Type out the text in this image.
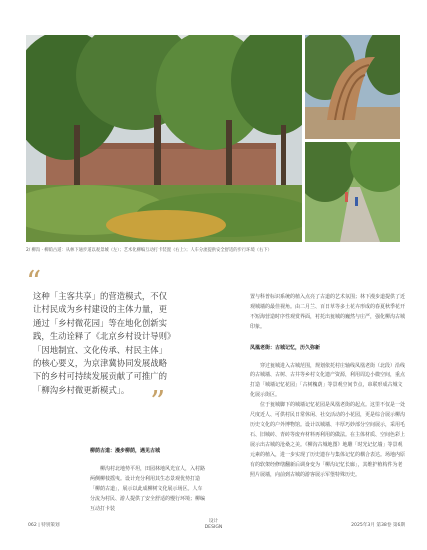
2/ 柳沟 · 柳荫古道：从林下通步道以观景城（左）；艺术化柳编互动打卡装置（右上）；人车分流提供安全舒适的步行环境（右下）
“
这种「主客共享」的营造模式，不仅让村民成为乡村建设的主体力量，更通过「乡村微花园」等在地化创新实践，生动诠释了《北京乡村设计导则》「因地制宜、文化传承、村民主体」的核心要义，为京津冀协同发展战略下的乡村可持续发展贡献了可推广的「柳沟乡村微更新模式」。 ”
柳荫古道：漫步柳荫，遇见古城

柳沟村北地势平坦，田园林地风光宜人，入村路两侧柳枝摇曳。设计充分利用其生态景观优势打造「柳荫古道」，展示以此成柳树文化展示场区。人车分流为村民、游人提供了安全舒适的慢行环境；柳编互动打卡装

置与科普标识系统的植入点亮了古道的艺术氛围；林下漫步道提供了近观城墙的最佳视角。由二月兰、百日草等多土花卉形成的春夏秋季花开不短海营造时序性观赏界面，衬托出瓮城的巍然与庄严，强化柳沟古城印象。

凤凰老街：古城记忆，历久弥新

穿过瓮城进入古城范围，规划依托村庄轴线凤凰老街（北段）沿线的古城墙、古树、古井等乡村文化遗产资源，利用周边小微空间，重点打造「城墙记忆花园」「古树槐荫」等景观空间节点，串联形成古城文化展示街区。

位于瓮城脚下的城墙记忆花园是凤凰老街的起点。这里不仅是一处尺度近人、可供村民日常休闲、社交活动的小花园，更是综合展示柳沟历史文化的户外博物馆。设计以城墙、丰厚巧妙部分空间展示，采用毛石、旧城砖、青砖等废弃材料再利用的做法。在主体材质、空间色彩上展示出古城的沧桑之美。《柳沟古城地图》地雕「时光记忆墙」等景观元素的植入，进一步实现了历史遗存与集体记忆的耦合表达。场地内原有的软架经修缮翻新后调身变为「柳沟记忆长廊」，其维护植构件为老照片展墙，向前到古城的游客展示军堡特殊历史。

062 | 特别策划
设计
DESIGN	2025年3月 第38卷 第6期
